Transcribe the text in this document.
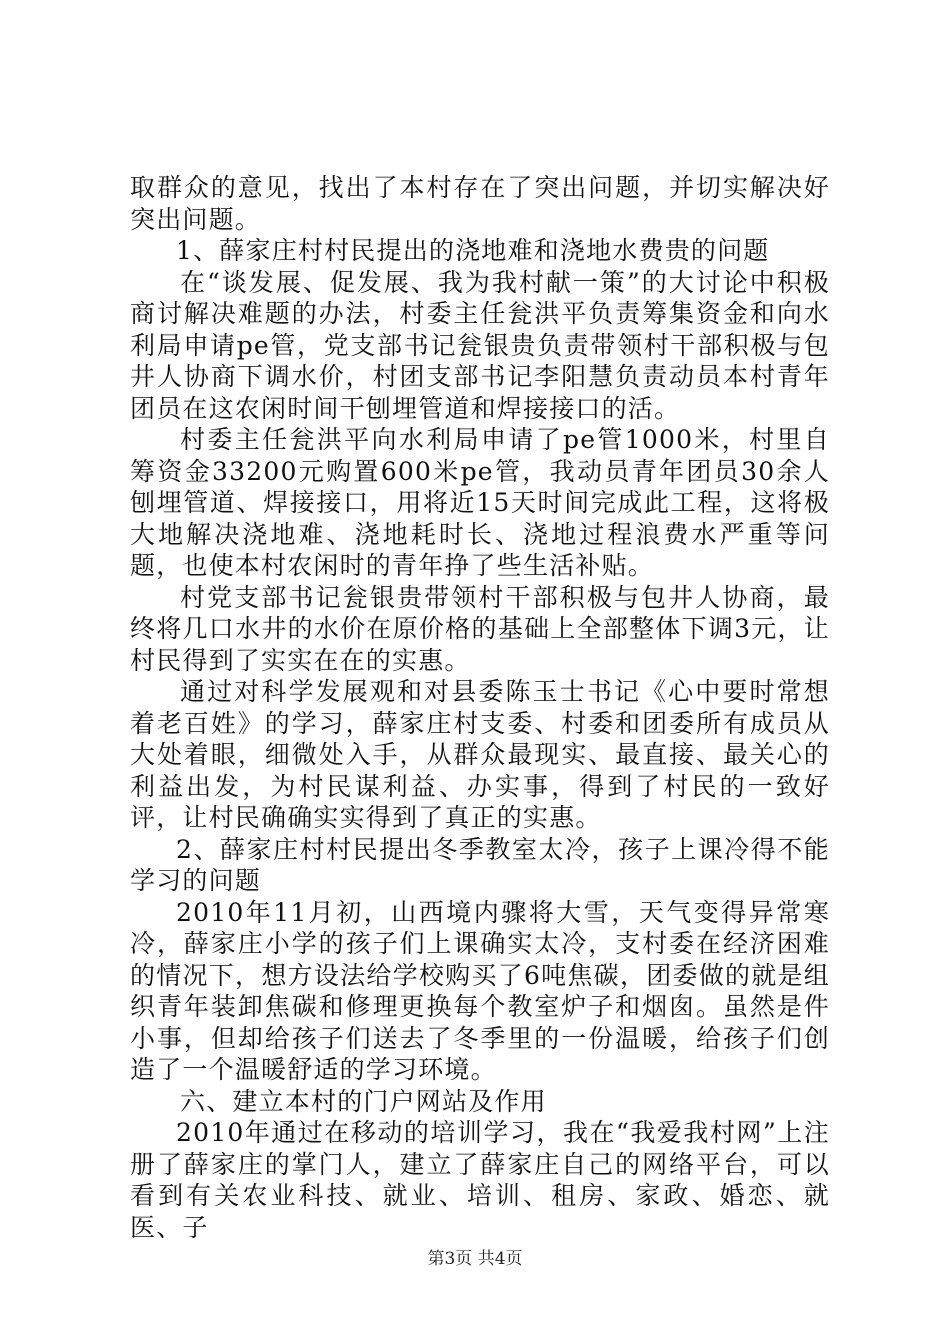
取群众的意见，找出了本村存在了突出问题，并切实解决好突出问题。

1、薛家庄村村民提出的浇地难和浇地水费贵的问题

在“谈发展、促发展、我为我村献一策”的大讨论中积极商讨解决难题的办法，村委主任瓮洪平负责筹集资金和向水利局申请pe管，党支部书记瓮银贵负责带领村干部积极与包井人协商下调水价，村团支部书记李阳慧负责动员本村青年团员在这农闲时间干刨埋管道和焊接接口的活。

村委主任瓮洪平向水利局申请了pe管1000米，村里自筹资金33200元购置600米pe管，我动员青年团员30余人刨埋管道、焊接接口，用将近15天时间完成此工程，这将极大地解决浇地难、浇地耗时长、浇地过程浪费水严重等问题，也使本村农闲时的青年挣了些生活补贴。

村党支部书记瓮银贵带领村干部积极与包井人协商，最终将几口水井的水价在原价格的基础上全部整体下调3元，让村民得到了实实在在的实惠。

通过对科学发展观和对县委陈玉士书记《心中要时常想着老百姓》的学习，薛家庄村支委、村委和团委所有成员从大处着眼，细微处入手，从群众最现实、最直接、最关心的利益出发，为村民谋利益、办实事，得到了村民的一致好评，让村民确确实实得到了真正的实惠。

2、薛家庄村村民提出冬季教室太冷，孩子上课冷得不能学习的问题

2010年11月初，山西境内骤将大雪，天气变得异常寒冷，薛家庄小学的孩子们上课确实太冷，支村委在经济困难的情况下，想方设法给学校购买了6吨焦碳，团委做的就是组织青年装卸焦碳和修理更换每个教室炉子和烟囱。虽然是件小事，但却给孩子们送去了冬季里的一份温暖，给孩子们创造了一个温暖舒适的学习环境。

六、建立本村的门户网站及作用

2010年通过在移动的培训学习，我在“我爱我村网”上注册了薛家庄的掌门人，建立了薛家庄自己的网络平台，可以看到有关农业科技、就业、培训、租房、家政、婚恋、就医、子

第3页 共4页
